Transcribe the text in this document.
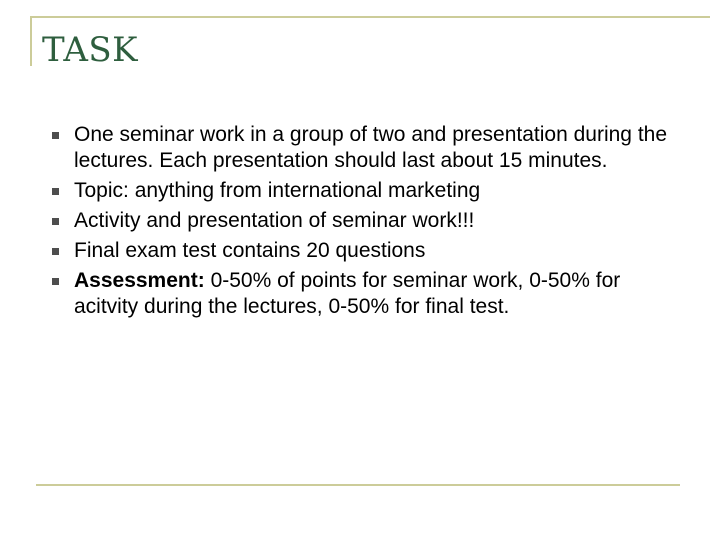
TASK
One seminar work in a group of two and presentation during the lectures. Each presentation should last about 15 minutes.
Topic: anything from international marketing
Activity and presentation of seminar work!!!
Final exam test contains 20 questions
Assessment: 0-50% of points for seminar work, 0-50% for acitvity during the lectures, 0-50% for final test.
